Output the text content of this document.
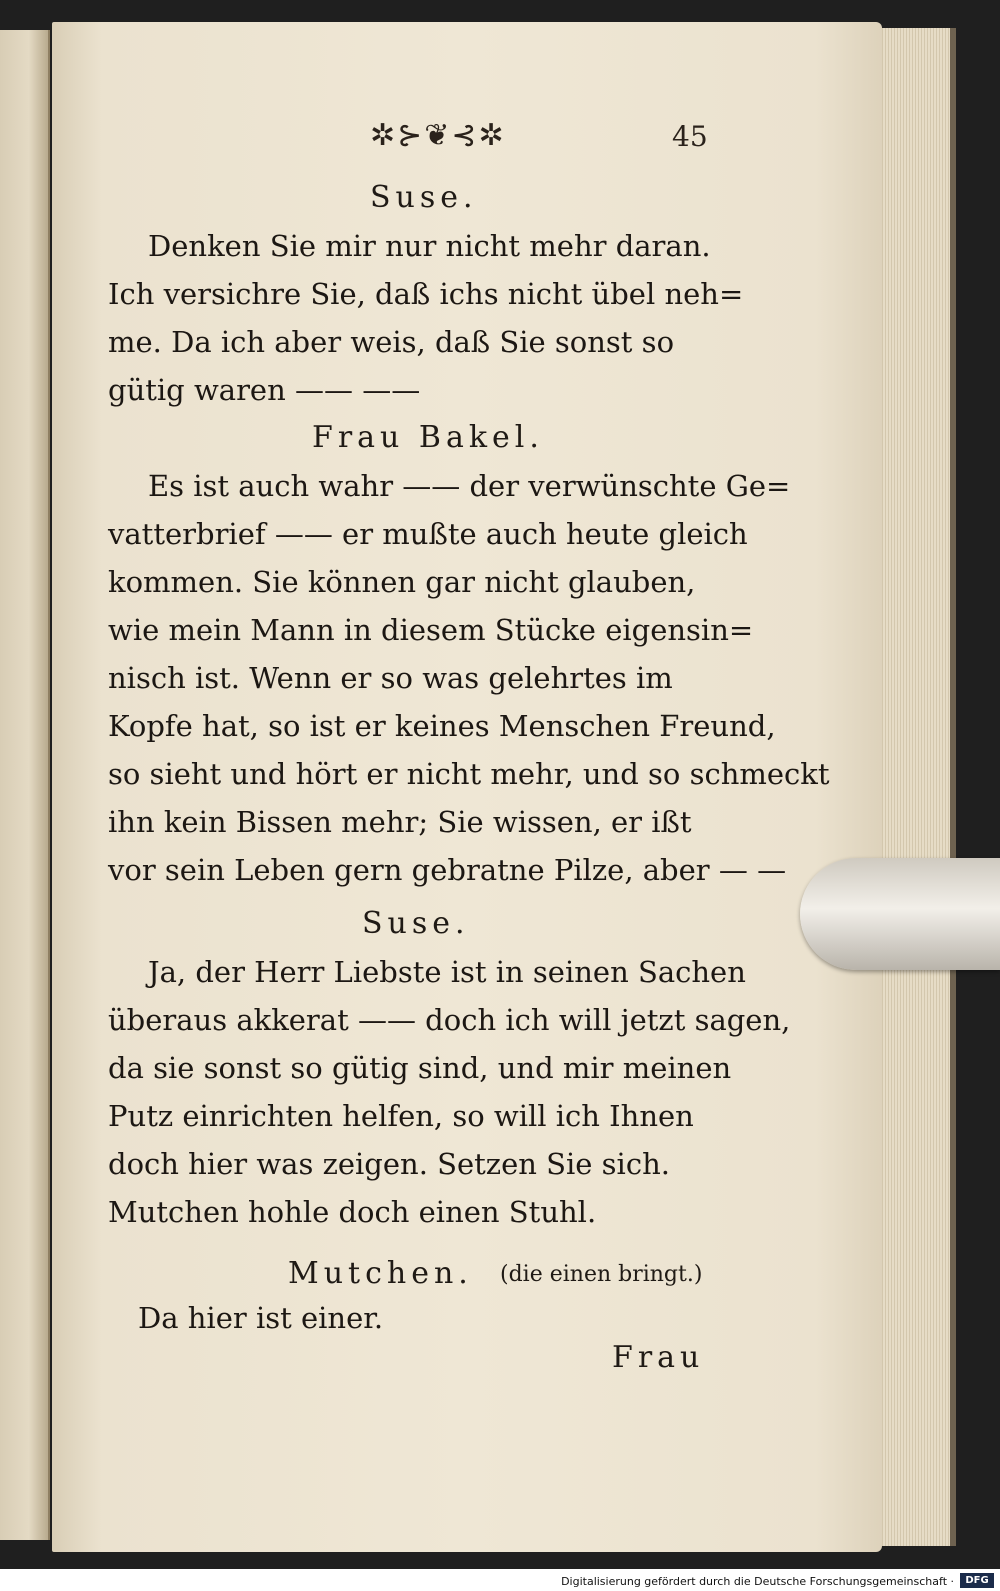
✲⊱❦⊰✲	45
Suse.
Denken Sie mir nur nicht mehr daran.
Ich versichre Sie, daß ichs nicht übel neh=
me. Da ich aber weis, daß Sie sonst so
gütig waren —— ——
Frau Bakel.
Es ist auch wahr —— der verwünschte Ge=
vatterbrief —— er mußte auch heute gleich
kommen. Sie können gar nicht glauben,
wie mein Mann in diesem Stücke eigensin=
nisch ist. Wenn er so was gelehrtes im
Kopfe hat, so ist er keines Menschen Freund,
so sieht und hört er nicht mehr, und so schmeckt
ihn kein Bissen mehr; Sie wissen, er ißt
vor sein Leben gern gebratne Pilze, aber — —
Suse.
Ja, der Herr Liebste ist in seinen Sachen
überaus akkerat —— doch ich will jetzt sagen,
da sie sonst so gütig sind, und mir meinen
Putz einrichten helfen, so will ich Ihnen
doch hier was zeigen. Setzen Sie sich.
Mutchen hohle doch einen Stuhl.
Mutchen. (die einen bringt.)
Da hier ist einer.
Frau
Digitalisierung gefördert durch die Deutsche Forschungsgemeinschaft ·	DFG
